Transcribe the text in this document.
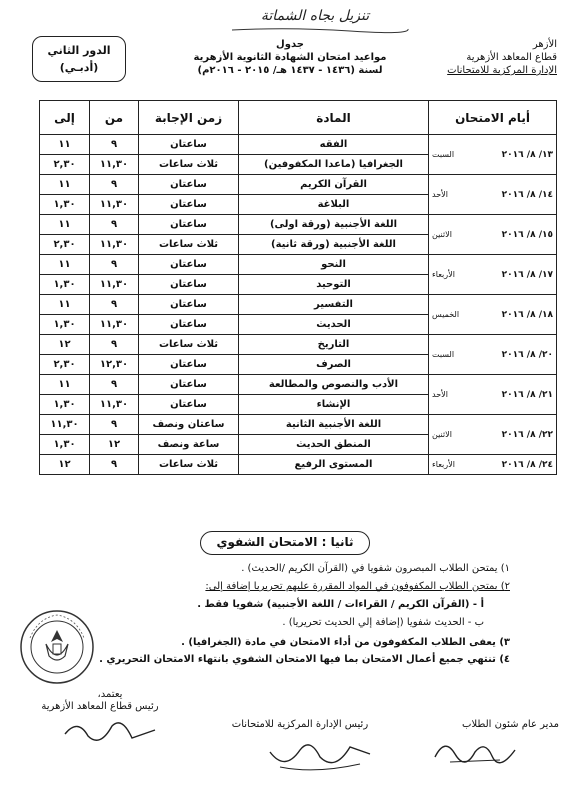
تنزيل بجاه الشماتة
الأزهر
قطاع المعاهد الأزهرية
الإدارة المركزية للامتحانات
جدول
مواعيد امتحان الشهادة الثانوية الأزهرية
لسنة (١٤٣٦ - ١٤٣٧ هـ/ ٢٠١٥ - ٢٠١٦م)
الدور الثاني
(أدبـي)
أيام الامتحان	المادة	زمن الإجابة	من	إلى

السبت ١٣/ ٨/ ٢٠١٦	الفقه	ساعتان	٩	١١
	الجغرافيا (ماعدا المكفوفين)	ثلاث ساعات	١١,٣٠	٢,٣٠

الأحد ١٤/ ٨/ ٢٠١٦	القرآن الكريم	ساعتان	٩	١١
	البلاغة	ساعتان	١١,٣٠	١,٣٠

الاثنين ١٥/ ٨/ ٢٠١٦	اللغة الأجنبية (ورقة اولى)	ساعتان	٩	١١
	اللغة الأجنبية (ورقة ثانية)	ثلاث ساعات	١١,٣٠	٢,٣٠

الأربعاء ١٧/ ٨/ ٢٠١٦	النحو	ساعتان	٩	١١
	التوحيد	ساعتان	١١,٣٠	١,٣٠

الخميس ١٨/ ٨/ ٢٠١٦	التفسير	ساعتان	٩	١١
	الحديث	ساعتان	١١,٣٠	١,٣٠

السبت ٢٠/ ٨/ ٢٠١٦	التاريخ	ثلاث ساعات	٩	١٢
	الصرف	ساعتان	١٢,٣٠	٢,٣٠

الأحد ٢١/ ٨/ ٢٠١٦	الأدب والنصوص والمطالعة	ساعتان	٩	١١
	الإنشاء	ساعتان	١١,٣٠	١,٣٠

الاثنين ٢٢/ ٨/ ٢٠١٦	اللغة الأجنبية الثانية	ساعتان ونصف	٩	١١,٣٠
	المنطق الحديث	ساعة ونصف	١٢	١,٣٠

الأربعاء ٢٤/ ٨/ ٢٠١٦	المستوى الرفيع	ثلاث ساعات	٩	١٢
ثانيا : الامتحان الشفوي
١) يمتحن الطلاب المبصرون شفويا في (القرآن الكريم /الحديث) .
٢) يمتحن الطلاب المكفوفون في المواد المقررة عليهم تحريريا إضافة إلى:
أ - (القرآن الكريم / القراءات / اللغة الأجنبية) شفويا فقط .
ب - الحديث شفويا (إضافة إلي الحديث تحريريا) .
٣) يعفى الطلاب المكفوفون من أداء الامتحان في مادة (الجغرافيا) .
٤) تنتهي جميع أعمال الامتحان بما فيها الامتحان الشفوي بانتهاء الامتحان التحريري .
مدير عام شئون الطلاب
رئيس الإدارة المركزية للامتحانات
يعتمد،
رئيس قطاع المعاهد الأزهرية
